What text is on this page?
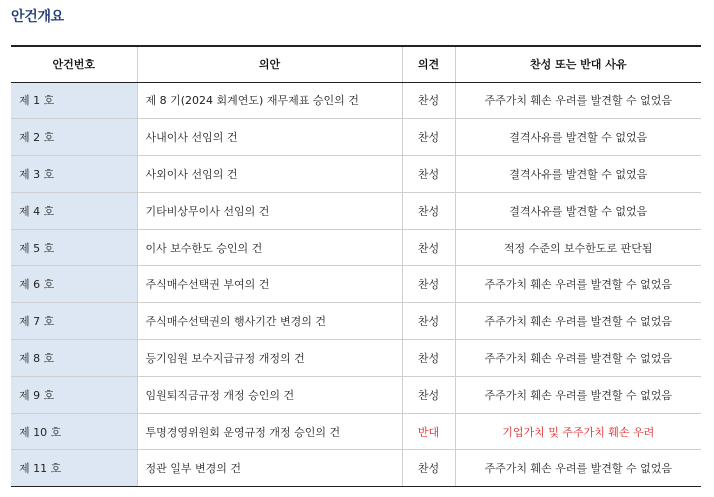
안건개요
안건번호	의안	의견	찬성 또는 반대 사유
제 1 호	제 8 기(2024 회계연도) 재무제표 승인의 건	찬성	주주가치 훼손 우려를 발견할 수 없었음
제 2 호	사내이사 선임의 건	찬성	결격사유를 발견할 수 없었음
제 3 호	사외이사 선임의 건	찬성	결격사유를 발견할 수 없었음
제 4 호	기타비상무이사 선임의 건	찬성	결격사유를 발견할 수 없었음
제 5 호	이사 보수한도 승인의 건	찬성	적정 수준의 보수한도로 판단됨
제 6 호	주식매수선택권 부여의 건	찬성	주주가치 훼손 우려를 발견할 수 없었음
제 7 호	주식매수선택권의 행사기간 변경의 건	찬성	주주가치 훼손 우려를 발견할 수 없었음
제 8 호	등기임원 보수지급규정 개정의 건	찬성	주주가치 훼손 우려를 발견할 수 없었음
제 9 호	임원퇴직금규정 개정 승인의 건	찬성	주주가치 훼손 우려를 발견할 수 없었음
제 10 호	투명경영위원회 운영규정 개정 승인의 건	반대	기업가치 및 주주가치 훼손 우려
제 11 호	정관 일부 변경의 건	찬성	주주가치 훼손 우려를 발견할 수 없었음
